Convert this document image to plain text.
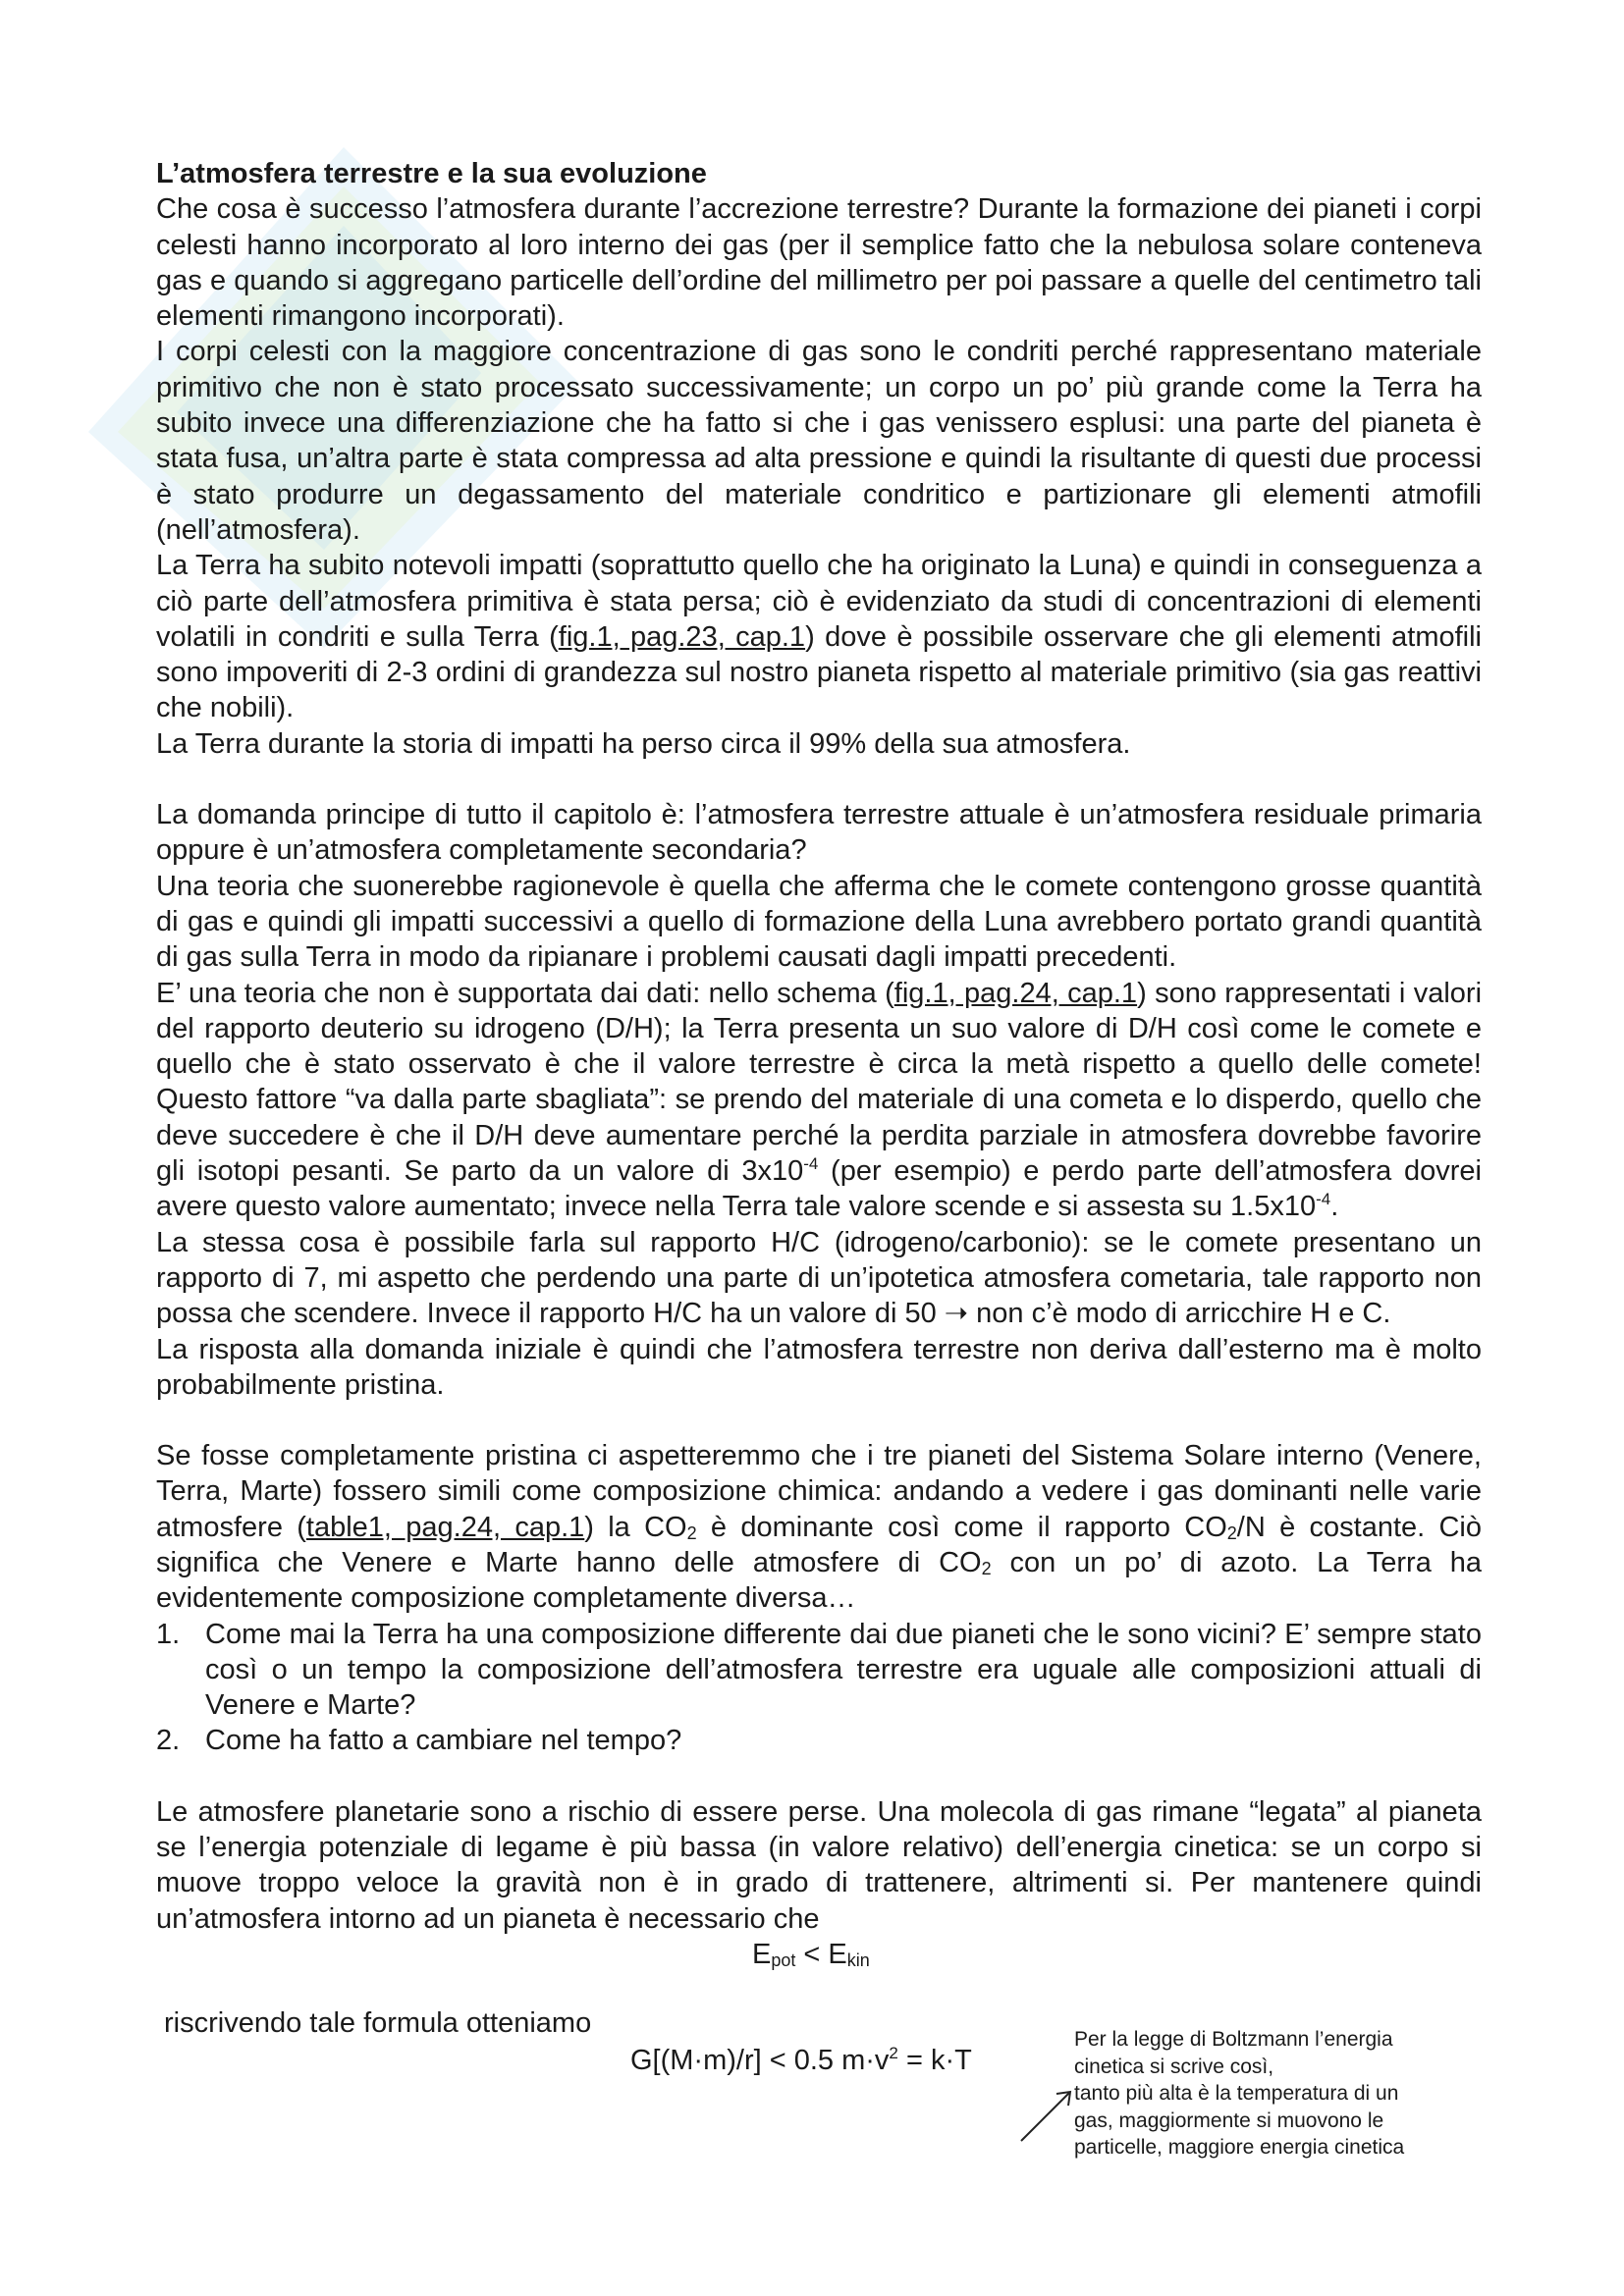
L’atmosfera terrestre e la sua evoluzione

Che cosa è successo l’atmosfera durante l’accrezione terrestre? Durante la formazione dei pianeti i corpi celesti hanno incorporato al loro interno dei gas (per il semplice fatto che la nebulosa solare conteneva gas e quando si aggregano particelle dell’ordine del millimetro per poi passare a quelle del centimetro tali elementi rimangono incorporati).

I corpi celesti con la maggiore concentrazione di gas sono le condriti perché rappresentano materiale primitivo che non è stato processato successivamente; un corpo un po’ più grande come la Terra ha subito invece una differenziazione che ha fatto si che i gas venissero esplusi: una parte del pianeta è stata fusa, un’altra parte è stata compressa ad alta pressione e quindi la risultante di questi due processi è stato produrre un degassamento del materiale condritico e partizionare gli elementi atmofili (nell’atmosfera).

La Terra ha subito notevoli impatti (soprattutto quello che ha originato la Luna) e quindi in conseguenza a ciò parte dell’atmosfera primitiva è stata persa; ciò è evidenziato da studi di concentrazioni di elementi volatili in condriti e sulla Terra (fig.1, pag.23, cap.1) dove è possibile osservare che gli elementi atmofili sono impoveriti di 2-3 ordini di grandezza sul nostro pianeta rispetto al materiale primitivo (sia gas reattivi che nobili).

La Terra durante la storia di impatti ha perso circa il 99% della sua atmosfera.

La domanda principe di tutto il capitolo è: l’atmosfera terrestre attuale è un’atmosfera residuale primaria oppure è un’atmosfera completamente secondaria?

Una teoria che suonerebbe ragionevole è quella che afferma che le comete contengono grosse quantità di gas e quindi gli impatti successivi a quello di formazione della Luna avrebbero portato grandi quantità di gas sulla Terra in modo da ripianare i problemi causati dagli impatti precedenti.

E’ una teoria che non è supportata dai dati: nello schema (fig.1, pag.24, cap.1) sono rappresentati i valori del rapporto deuterio su idrogeno (D/H); la Terra presenta un suo valore di D/H così come le comete e quello che è stato osservato è che il valore terrestre è circa la metà rispetto a quello delle comete! Questo fattore “va dalla parte sbagliata”: se prendo del materiale di una cometa e lo disperdo, quello che deve succedere è che il D/H deve aumentare perché la perdita parziale in atmosfera dovrebbe favorire gli isotopi pesanti. Se parto da un valore di $3x10^{-4}$ (per esempio) e perdo parte dell’atmosfera dovrei avere questo valore aumentato; invece nella Terra tale valore scende e si assesta su $1.5x10^{-4}$.

La stessa cosa è possibile farla sul rapporto H/C (idrogeno/carbonio): se le comete presentano un rapporto di 7, mi aspetto che perdendo una parte di un’ipotetica atmosfera cometaria, tale rapporto non possa che scendere. Invece il rapporto H/C ha un valore di 50 ➝ non c’è modo di arricchire H e C.

La risposta alla domanda iniziale è quindi che l’atmosfera terrestre non deriva dall’esterno ma è molto probabilmente pristina.

Se fosse completamente pristina ci aspetteremmo che i tre pianeti del Sistema Solare interno (Venere, Terra, Marte) fossero simili come composizione chimica: andando a vedere i gas dominanti nelle varie atmosfere (table1, pag.24, cap.1) la $CO_2$ è dominante così come il rapporto $CO_2/N$ è costante. Ciò significa che Venere e Marte hanno delle atmosfere di $CO_2$ con un po’ di azoto. La Terra ha evidentemente composizione completamente diversa…

1. Come mai la Terra ha una composizione differente dai due pianeti che le sono vicini? E’ sempre stato così o un tempo la composizione dell’atmosfera terrestre era uguale alle composizioni attuali di Venere e Marte?
2. Come ha fatto a cambiare nel tempo?

Le atmosfere planetarie sono a rischio di essere perse. Una molecola di gas rimane “legata” al pianeta se l’energia potenziale di legame è più bassa (in valore relativo) dell’energia cinetica: se un corpo si muove troppo veloce la gravità non è in grado di trattenere, altrimenti si. Per mantenere quindi un’atmosfera intorno ad un pianeta è necessario che

$E_{pot} < E_{kin}$
riscrivendo tale formula otteniamo
G[(M·m)/r] < 0.5 $m\cdot v^2 = k\cdot T$
Per la legge di Boltzmann l’energia
cinetica si scrive così,
tanto più alta è la temperatura di un
gas, maggiormente si muovono le
particelle, maggiore energia cinetica
